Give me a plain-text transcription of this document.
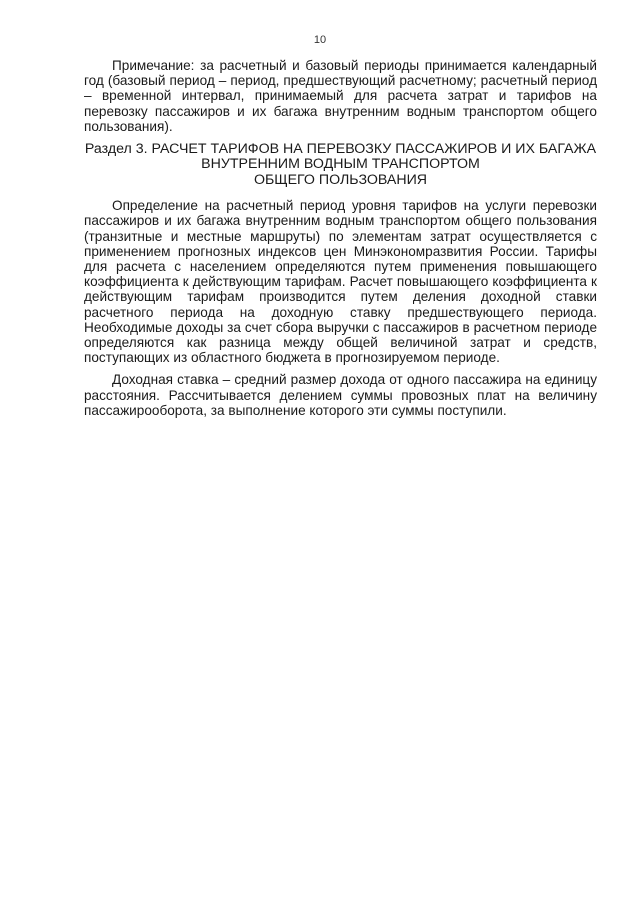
10

Примечание: за расчетный и базовый периоды принимается календарный год (базовый период – период, предшествующий расчетному; расчетный период – временной интервал, принимаемый для расчета затрат и тарифов на перевозку пассажиров и их багажа внутренним водным транспортом общего пользования).

Раздел 3. РАСЧЕТ ТАРИФОВ НА ПЕРЕВОЗКУ ПАССАЖИРОВ И ИХ БАГАЖА
ВНУТРЕННИМ ВОДНЫМ ТРАНСПОРТОМ
ОБЩЕГО ПОЛЬЗОВАНИЯ

Определение на расчетный период уровня тарифов на услуги перевозки пассажиров и их багажа внутренним водным транспортом общего пользования (транзитные и местные маршруты) по элементам затрат осуществляется с применением прогнозных индексов цен Минэкономразвития России. Тарифы для расчета с населением определяются путем применения повышающего коэффициента к действующим тарифам. Расчет повышающего коэффициента к действующим тарифам производится путем деления доходной ставки расчетного периода на доходную ставку предшествующего периода. Необходимые доходы за счет сбора выручки с пассажиров в расчетном периоде определяются как разница между общей величиной затрат и средств, поступающих из областного бюджета в прогнозируемом периоде.

Доходная ставка – средний размер дохода от одного пассажира на единицу расстояния. Рассчитывается делением суммы провозных плат на величину пассажирооборота, за выполнение которого эти суммы поступили.
